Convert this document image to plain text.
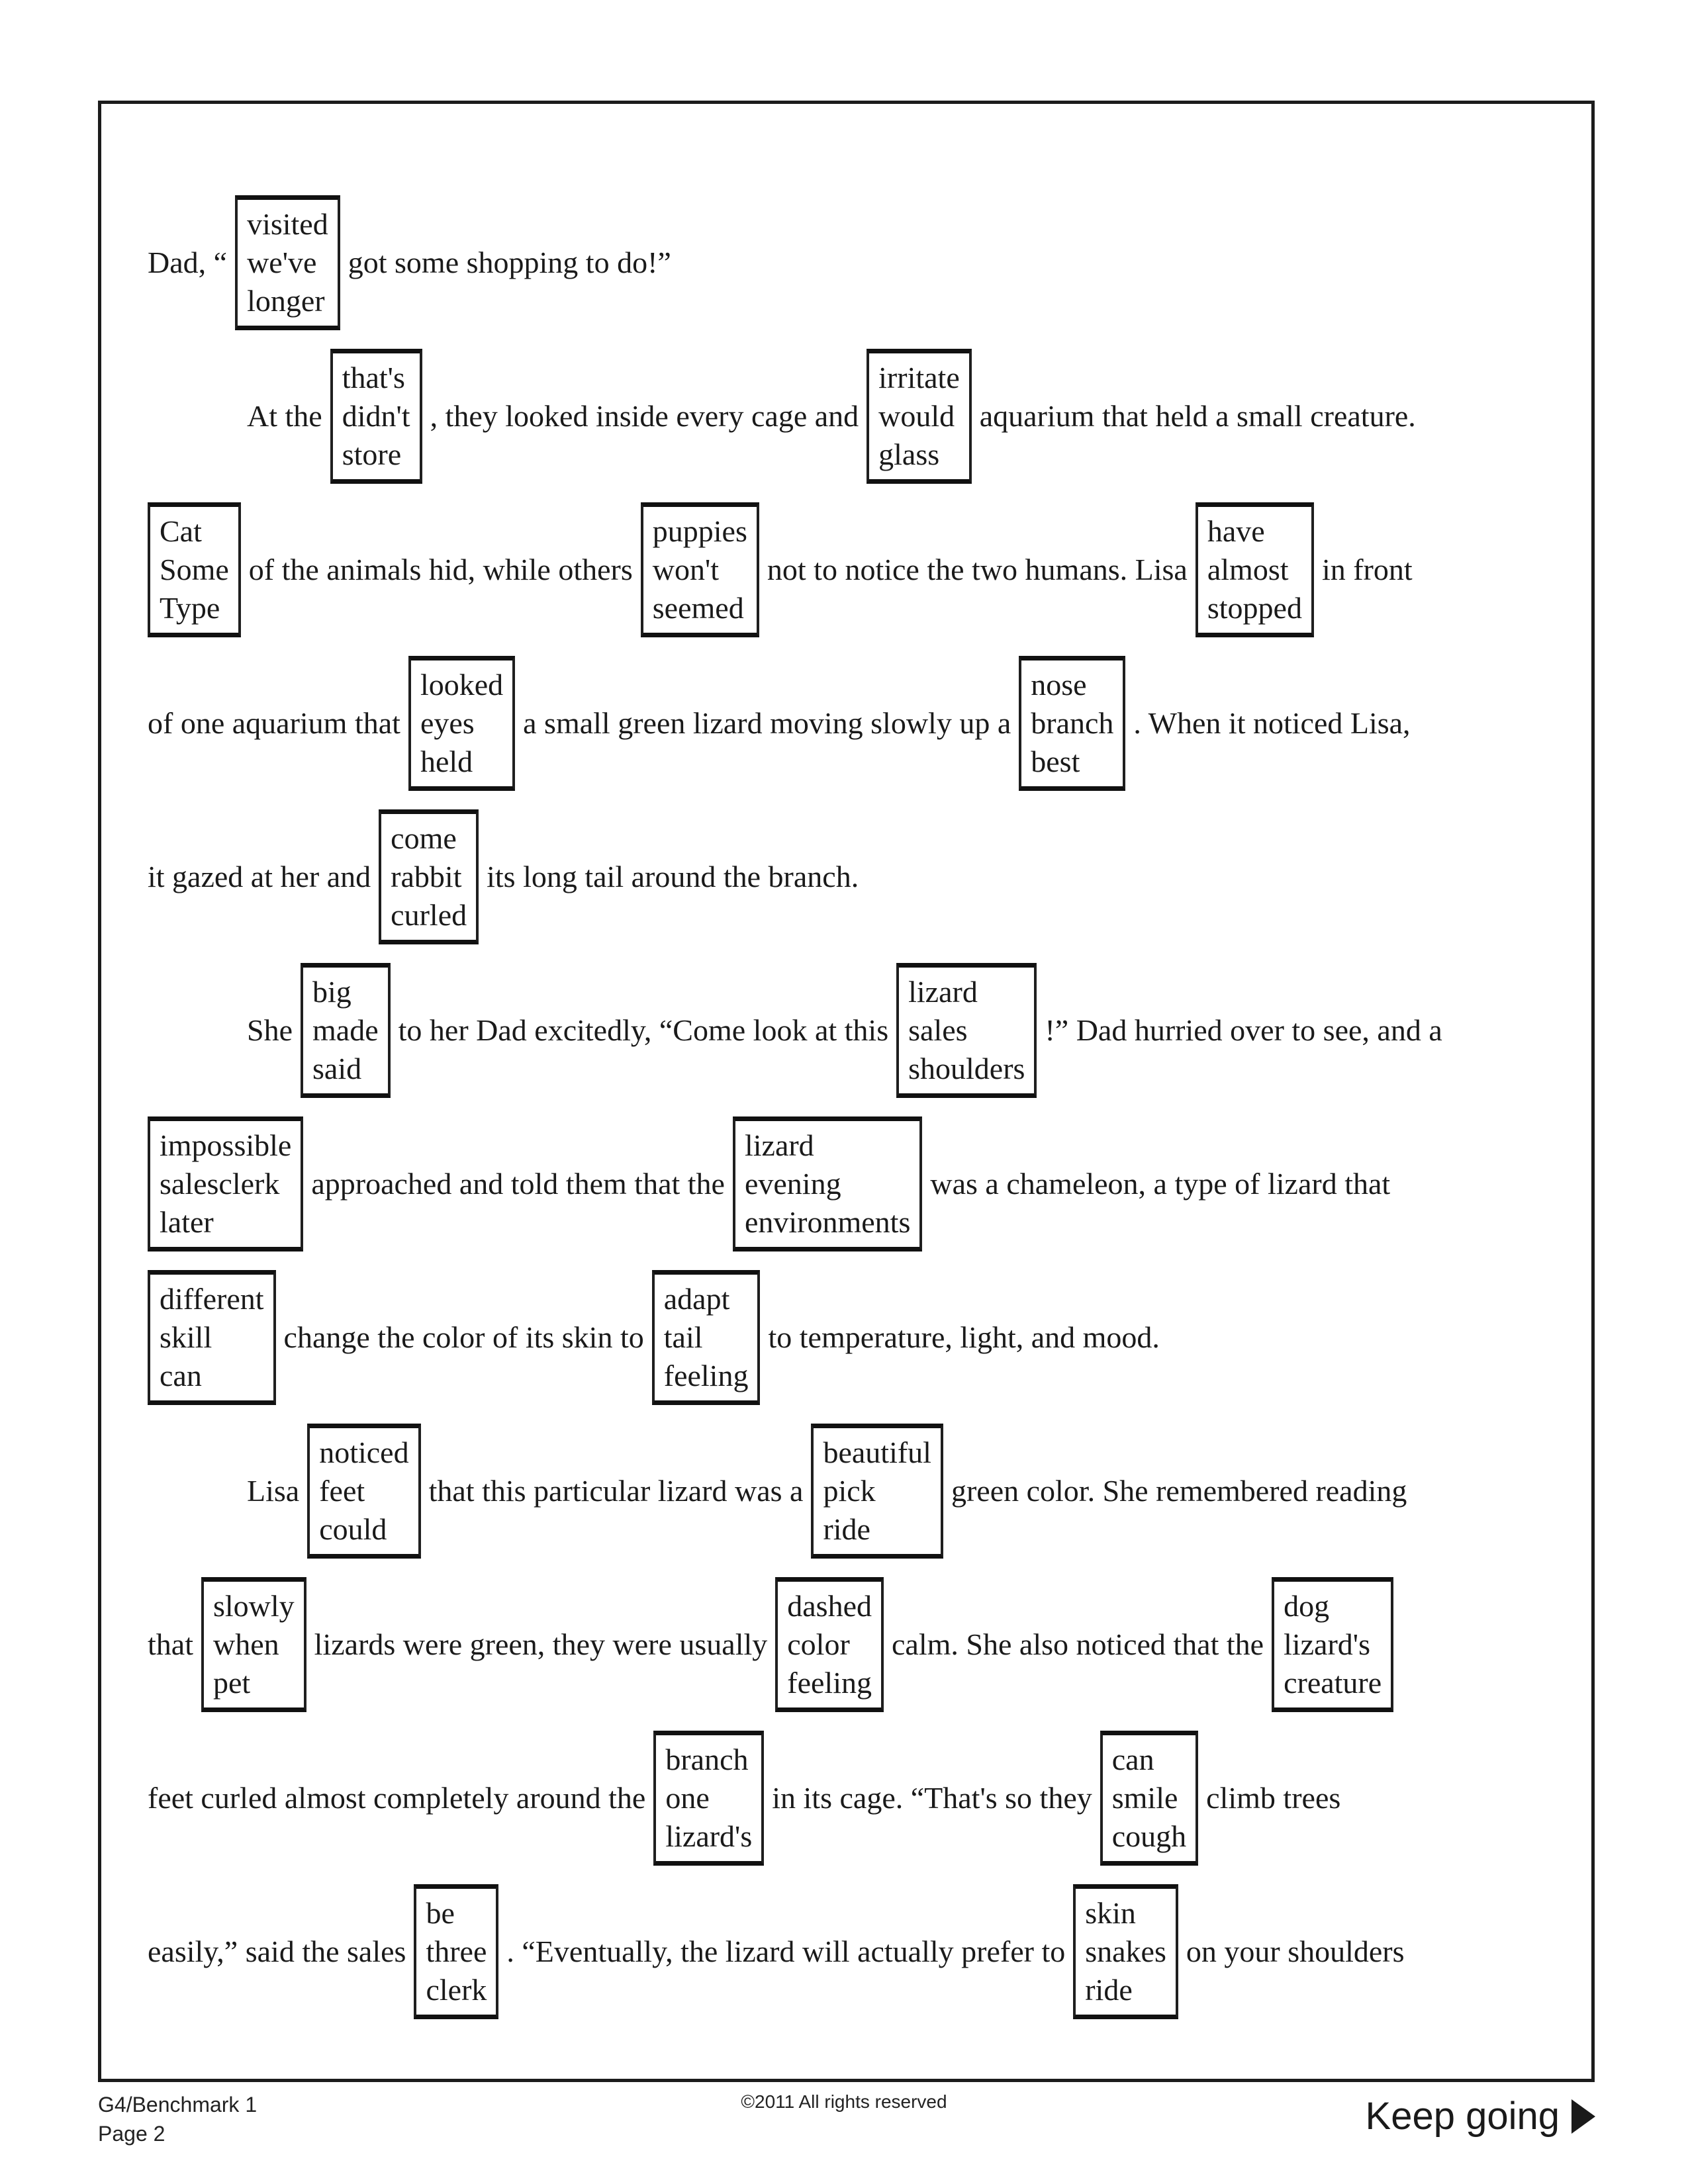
Dad, “
visited
we've
longer
got some shopping to do!”
At the
that's
didn't
store
, they looked inside every cage and
irritate
would
glass
aquarium that held a small creature.
Cat
Some
Type
of the animals hid, while others
puppies
won't
seemed
not to notice the two humans. Lisa
have
almost
stopped
in front
of one aquarium that
looked
eyes
held
a small green lizard moving slowly up a
nose
branch
best
. When it noticed Lisa,
it gazed at her and
come
rabbit
curled
its long tail around the branch.
She
big
made
said
to her Dad excitedly, “Come look at this
lizard
sales
shoulders
!” Dad hurried over to see, and a
impossible
salesclerk
later
approached and told them that the
lizard
evening
environments
was a chameleon, a type of lizard that
different
skill
can
change the color of its skin to
adapt
tail
feeling
to temperature, light, and mood.
Lisa
noticed
feet
could
that this particular lizard was a
beautiful
pick
ride
green color. She remembered reading
that
slowly
when
pet
lizards were green, they were usually
dashed
color
feeling
calm. She also noticed that the
dog
lizard's
creature
feet curled almost completely around the
branch
one
lizard's
in its cage. “That's so they
can
smile
cough
climb trees
easily,” said the sales
be
three
clerk
. “Eventually, the lizard will actually prefer to
skin
snakes
ride
on your shoulders
G4/Benchmark 1
Page 2
©2011 All rights reserved	Keep going
